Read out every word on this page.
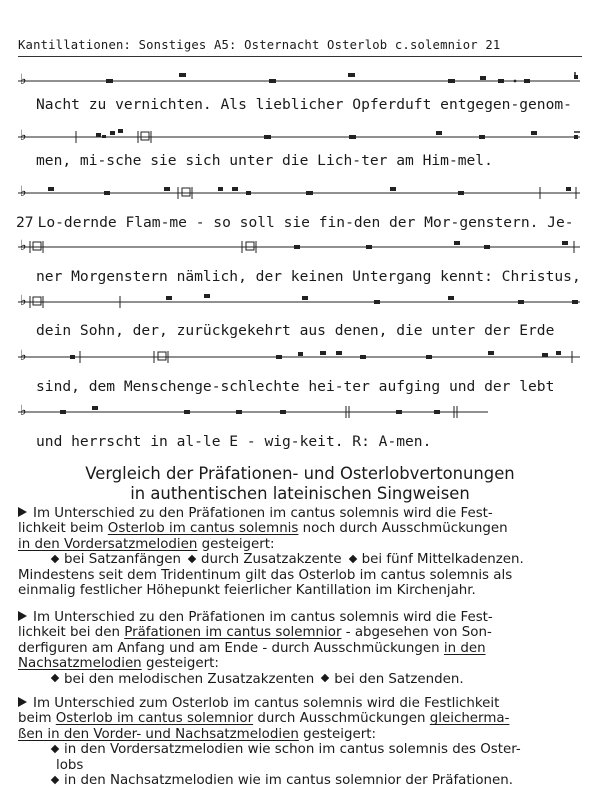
Kantillationen: Sonstiges A5: Osternacht Osterlob c.solemnior 21
♭
Nacht zu vernichten. Als lieblicher Opferduft entgegen-genom-
♭
men, mi-sche sie sich unter die Lich-ter am Him-mel.
♭
27 Lo-dernde Flam-me - so soll sie fin-den der Mor-genstern. Je-
♭
ner Morgenstern nämlich, der keinen Untergang kennt: Christus,
♭
dein Sohn, der, zurückgekehrt aus denen, die unter der Erde
♭
sind, dem Menschenge-schlechte hei-ter aufging und der lebt
♭
und herrscht in al-le E - wig-keit. R: A-men.
Vergleich der Präfationen- und Osterlobvertonungen
in authentischen lateinischen Singweisen

Im Unterschied zu den Präfationen im cantus solemnis wird die Fest-

lichkeit beim Osterlob im cantus solemnis noch durch Ausschmückungen

in den Vordersatzmelodien gesteigert:

bei Satzanfängen durch Zusatzakzente bei fünf Mittelkadenzen.

Mindestens seit dem Tridentinum gilt das Osterlob im cantus solemnis als

einmalig festlicher Höhepunkt feierlicher Kantillation im Kirchenjahr.

Im Unterschied zu den Präfationen im cantus solemnis wird die Fest-

lichkeit bei den Präfationen im cantus solemnior - abgesehen von Son-

derfiguren am Anfang und am Ende - durch Ausschmückungen in den

Nachsatzmelodien gesteigert:

bei den melodischen Zusatzakzenten bei den Satzenden.

Im Unterschied zum Osterlob im cantus solemnis wird die Festlichkeit

beim Osterlob im cantus solemnior durch Ausschmückungen gleicherma-

ßen in den Vorder- und Nachsatzmelodien gesteigert:

in den Vordersatzmelodien wie schon im cantus solemnis des Oster-

lobs

in den Nachsatzmelodien wie im cantus solemnior der Präfationen.
